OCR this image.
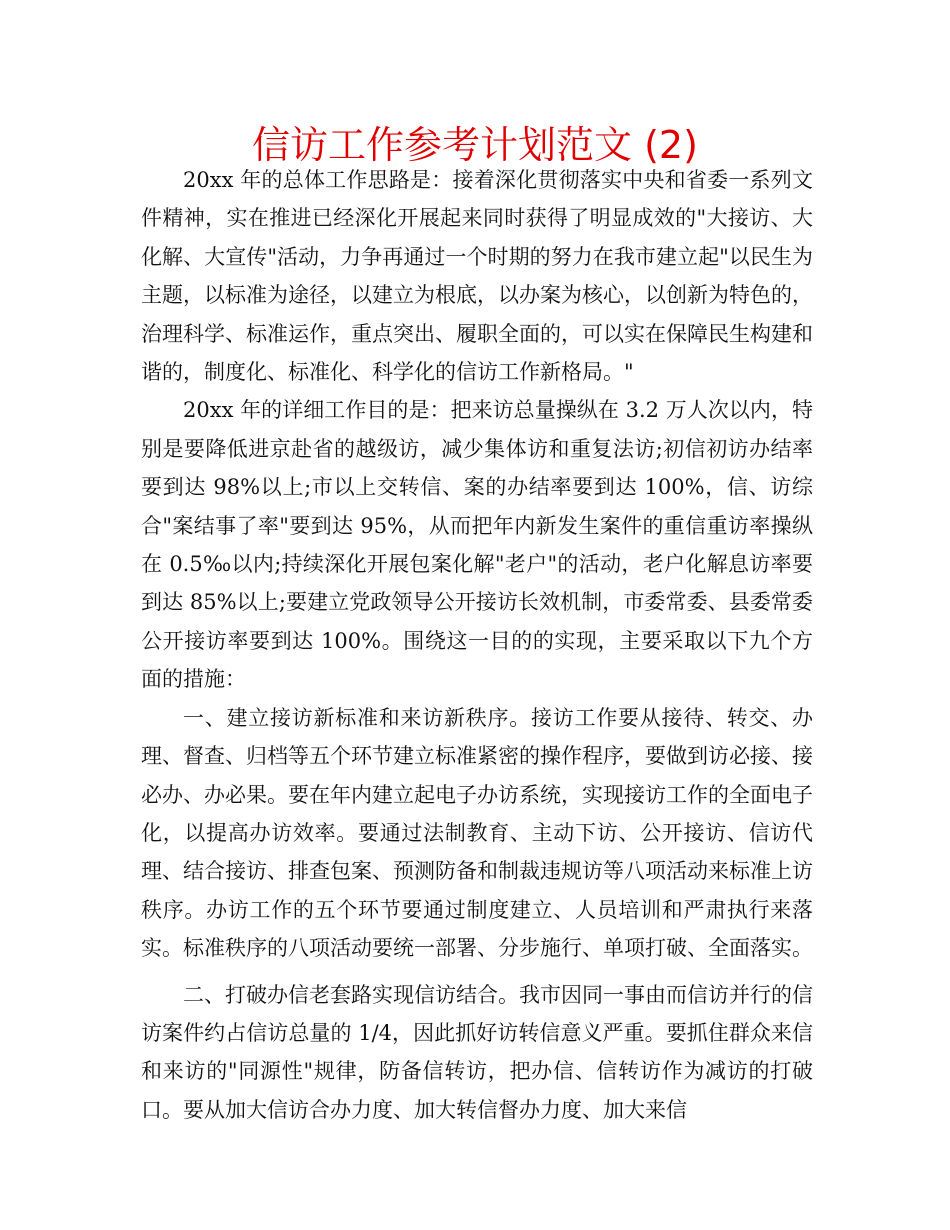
信访工作参考计划范文 (2)

20xx 年的总体工作思路是：接着深化贯彻落实中央和省委一系列文件精神，实在推进已经深化开展起来同时获得了明显成效的"大接访、大化解、大宣传"活动，力争再通过一个时期的努力在我市建立起"以民生为主题，以标准为途径，以建立为根底，以办案为核心，以创新为特色的，治理科学、标准运作，重点突出、履职全面的，可以实在保障民生构建和谐的，制度化、标准化、科学化的信访工作新格局。"

20xx 年的详细工作目的是：把来访总量操纵在 3.2 万人次以内，特别是要降低进京赴省的越级访，减少集体访和重复法访;初信初访办结率要到达 98%以上;市以上交转信、案的办结率要到达 100%，信、访综合"案结事了率"要到达 95%，从而把年内新发生案件的重信重访率操纵在 0.5‰以内;持续深化开展包案化解"老户"的活动，老户化解息访率要到达 85%以上;要建立党政领导公开接访长效机制，市委常委、县委常委公开接访率要到达 100%。围绕这一目的的实现，主要采取以下九个方面的措施：

一、建立接访新标准和来访新秩序。接访工作要从接待、转交、办理、督查、归档等五个环节建立标准紧密的操作程序，要做到访必接、接必办、办必果。要在年内建立起电子办访系统，实现接访工作的全面电子化，以提高办访效率。要通过法制教育、主动下访、公开接访、信访代理、结合接访、排查包案、预测防备和制裁违规访等八项活动来标准上访秩序。办访工作的五个环节要通过制度建立、人员培训和严肃执行来落实。标准秩序的八项活动要统一部署、分步施行、单项打破、全面落实。

二、打破办信老套路实现信访结合。我市因同一事由而信访并行的信访案件约占信访总量的 1/4，因此抓好访转信意义严重。要抓住群众来信和来访的"同源性"规律，防备信转访，把办信、信转访作为减访的打破口。要从加大信访合办力度、加大转信督办力度、加大来信
